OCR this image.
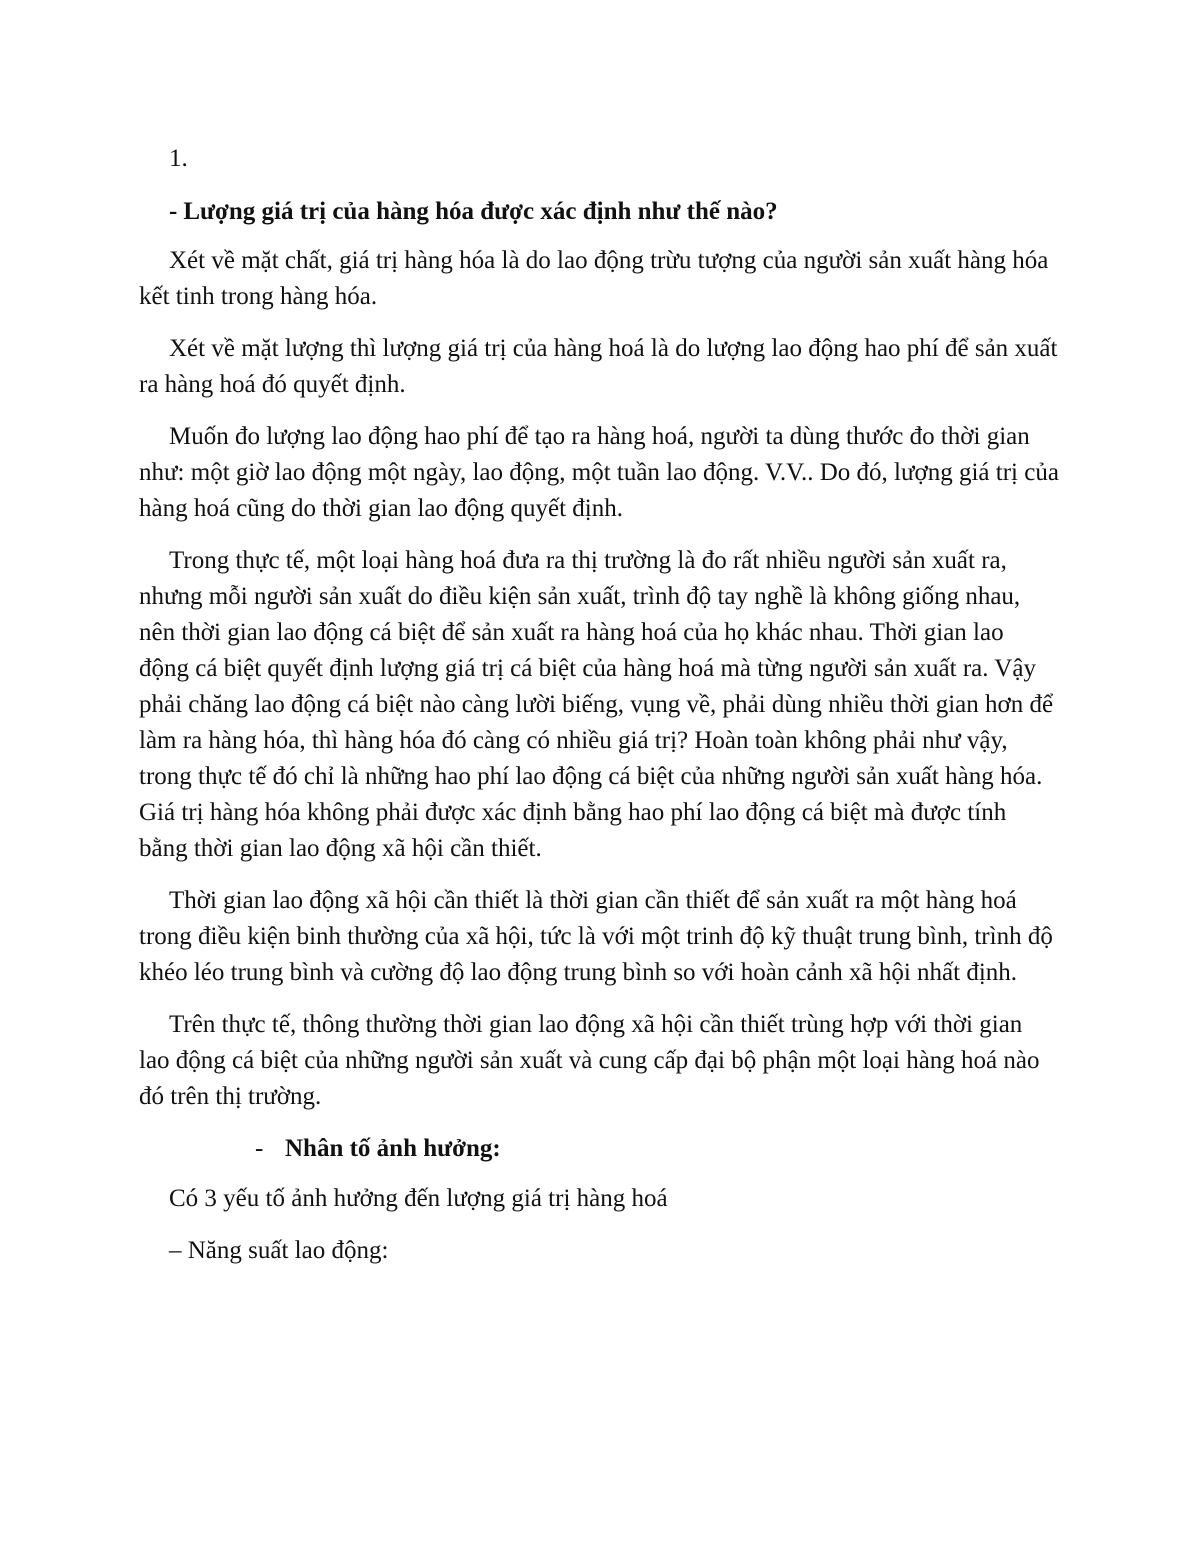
1.

- Lượng giá trị của hàng hóa được xác định như thế nào?

Xét về mặt chất, giá trị hàng hóa là do lao động trừu tượng của người sản xuất hàng hóa kết tinh trong hàng hóa.

Xét về mặt lượng thì lượng giá trị của hàng hoá là do lượng lao động hao phí để sản xuất ra hàng hoá đó quyết định.

Muốn đo lượng lao động hao phí để tạo ra hàng hoá, người ta dùng thước đo thời gian như: một giờ lao động một ngày, lao động, một tuần lao động. V.V.. Do đó, lượng giá trị của hàng hoá cũng do thời gian lao động quyết định.

Trong thực tế, một loại hàng hoá đưa ra thị trường là đo rất nhiều người sản xuất ra, nhưng mỗi người sản xuất do điều kiện sản xuất, trình độ tay nghề là không giống nhau, nên thời gian lao động cá biệt để sản xuất ra hàng hoá của họ khác nhau. Thời gian lao động cá biệt quyết định lượng giá trị cá biệt của hàng hoá mà từng người sản xuất ra. Vậy phải chăng lao động cá biệt nào càng lười biếng, vụng về, phải dùng nhiều thời gian hơn để làm ra hàng hóa, thì hàng hóa đó càng có nhiều giá trị? Hoàn toàn không phải như vậy, trong thực tế đó chỉ là những hao phí lao động cá biệt của những người sản xuất hàng hóa. Giá trị hàng hóa không phải được xác định bằng hao phí lao động cá biệt mà được tính bằng thời gian lao động xã hội cần thiết.

Thời gian lao động xã hội cần thiết là thời gian cần thiết để sản xuất ra một hàng hoá trong điều kiện binh thường của xã hội, tức là với một trinh độ kỹ thuật trung bình, trình độ khéo léo trung bình và cường độ lao động trung bình so với hoàn cảnh xã hội nhất định.

Trên thực tế, thông thường thời gian lao động xã hội cần thiết trùng hợp với thời gian lao động cá biệt của những người sản xuất và cung cấp đại bộ phận một loại hàng hoá nào đó trên thị trường.

- Nhân tố ảnh hưởng:

Có 3 yếu tố ảnh hưởng đến lượng giá trị hàng hoá

– Năng suất lao động:
